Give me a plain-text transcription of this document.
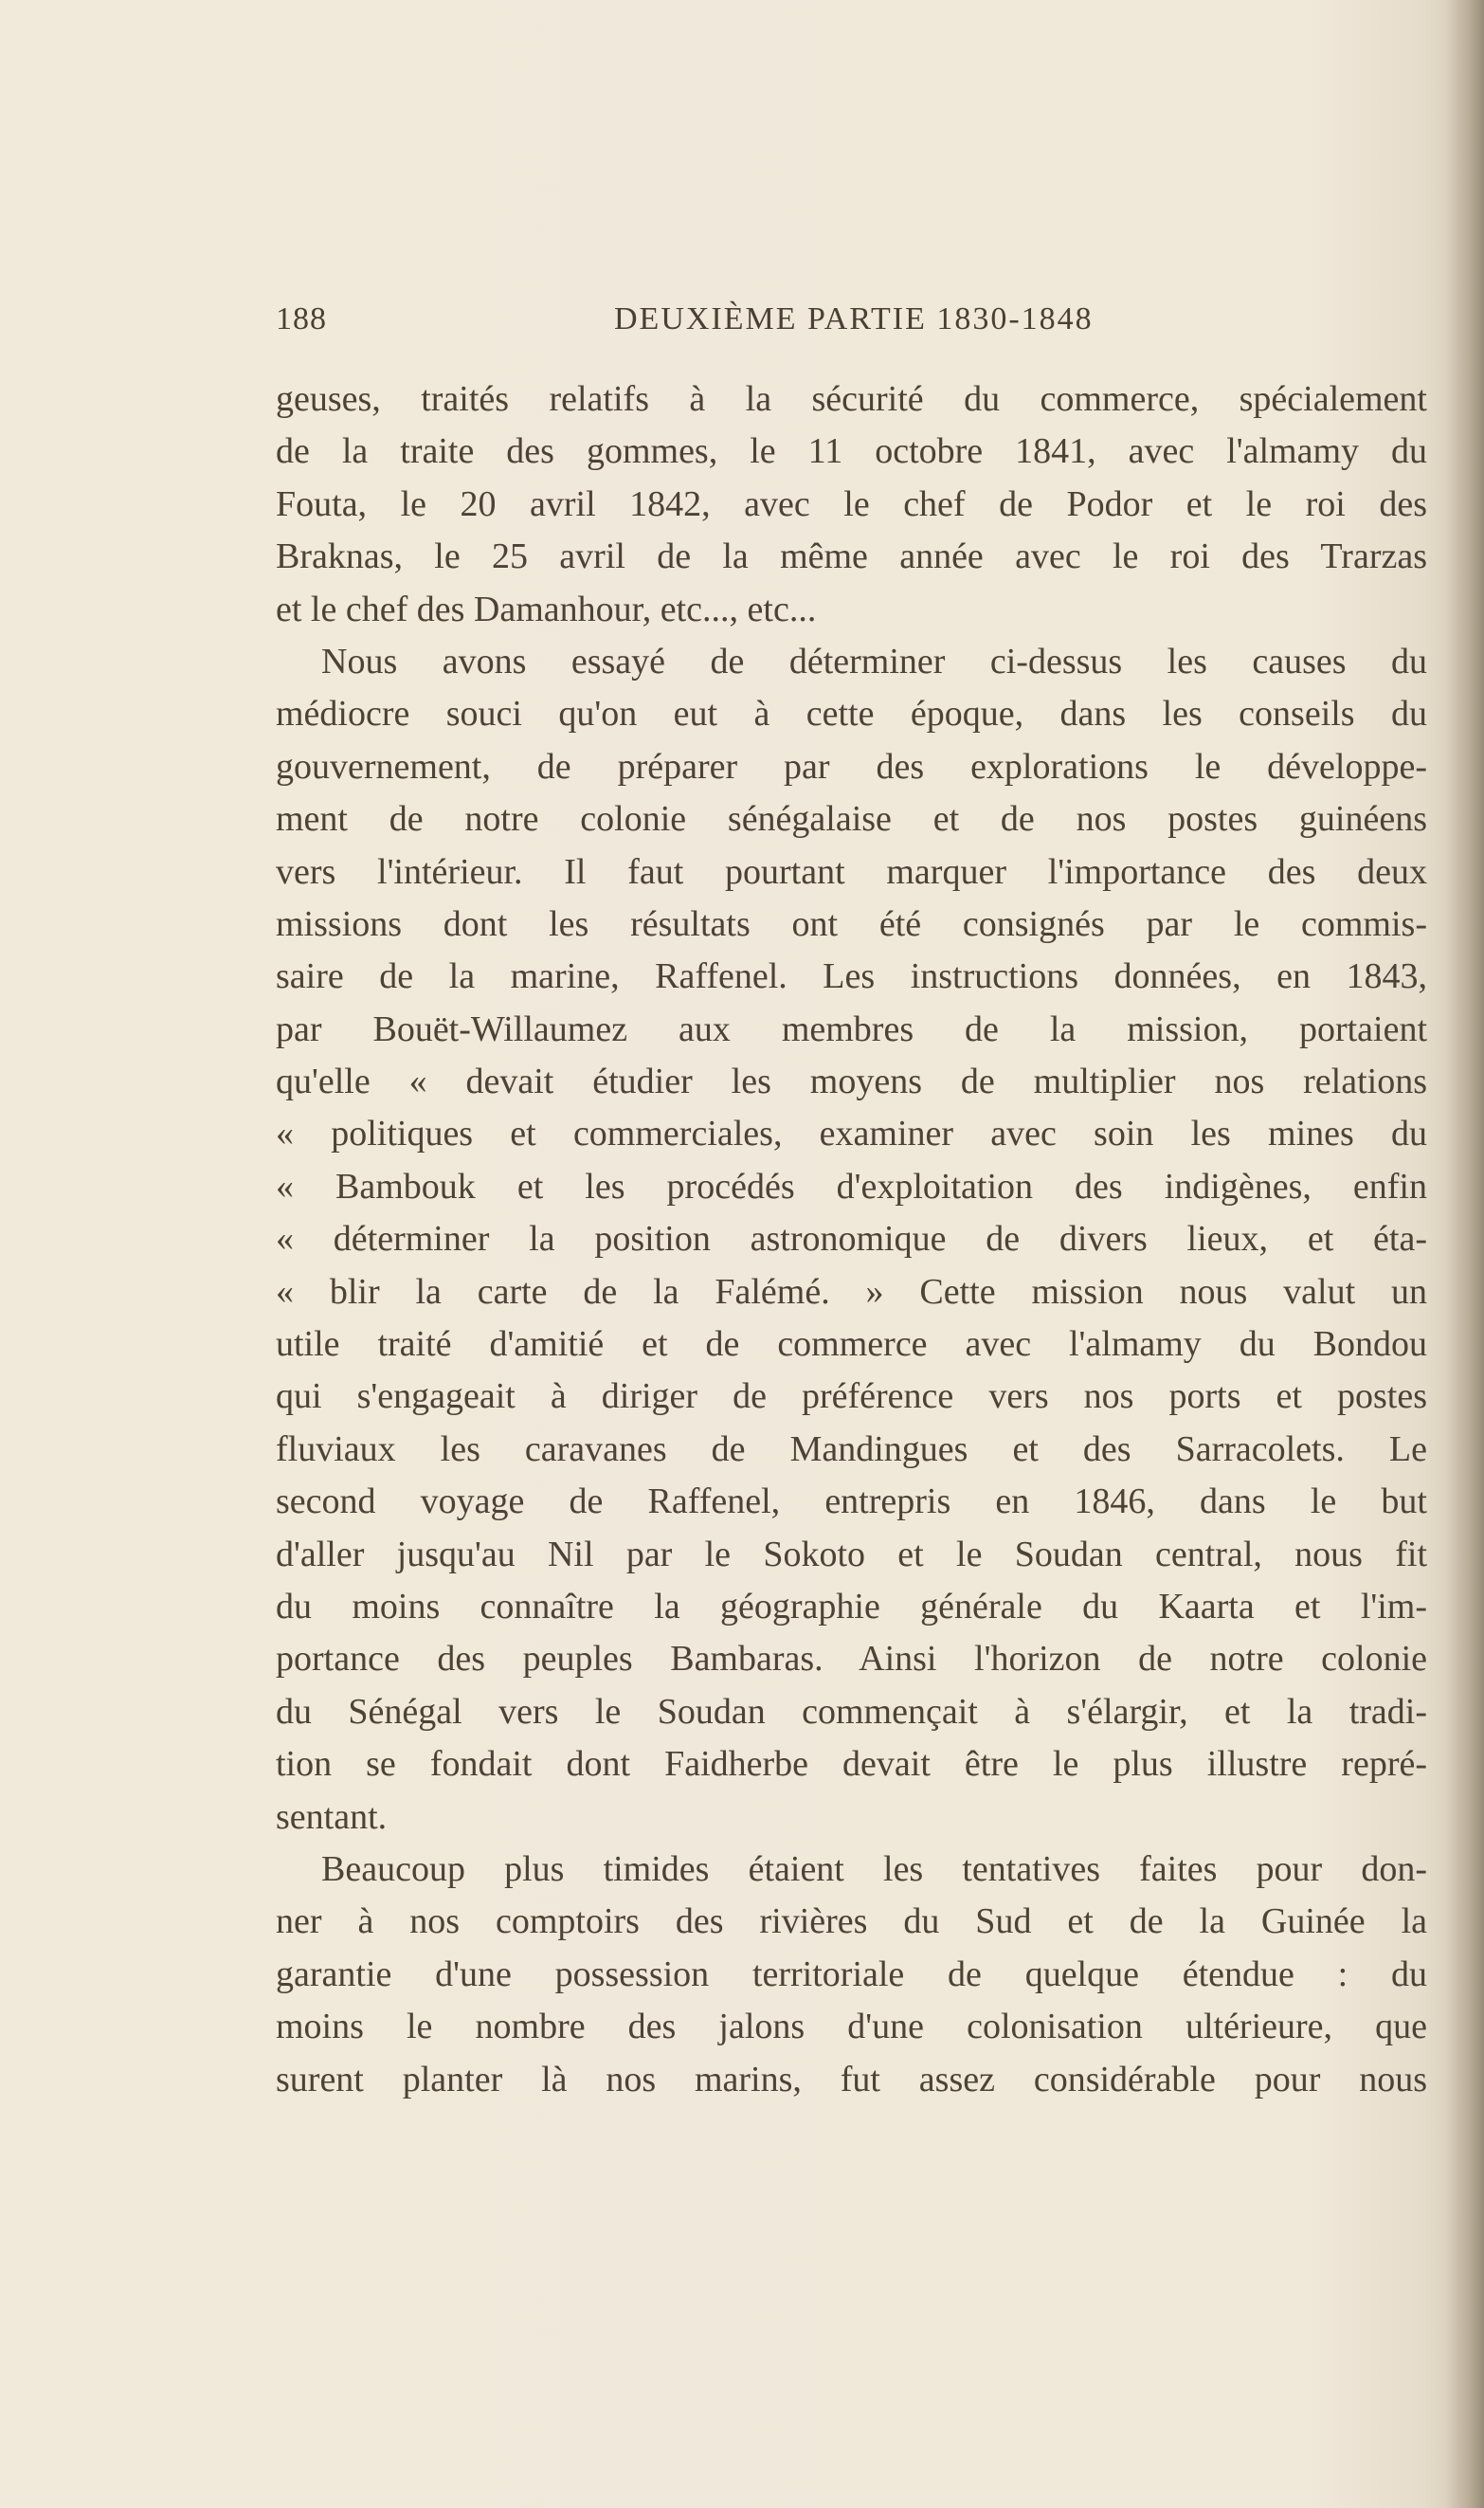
188	DEUXIÈME PARTIE 1830-1848
geuses, traités relatifs à la sécurité du commerce, spécialement
de la traite des gommes, le 11 octobre 1841, avec l'almamy du
Fouta, le 20 avril 1842, avec le chef de Podor et le roi des
Braknas, le 25 avril de la même année avec le roi des Trarzas
et le chef des Damanhour, etc..., etc...
Nous avons essayé de déterminer ci-dessus les causes du
médiocre souci qu'on eut à cette époque, dans les conseils du
gouvernement, de préparer par des explorations le développe-
ment de notre colonie sénégalaise et de nos postes guinéens
vers l'intérieur. Il faut pourtant marquer l'importance des deux
missions dont les résultats ont été consignés par le commis-
saire de la marine, Raffenel. Les instructions données, en 1843,
par Bouët-Willaumez aux membres de la mission, portaient
qu'elle « devait étudier les moyens de multiplier nos relations
« politiques et commerciales, examiner avec soin les mines du
« Bambouk et les procédés d'exploitation des indigènes, enfin
« déterminer la position astronomique de divers lieux, et éta-
« blir la carte de la Falémé. » Cette mission nous valut un
utile traité d'amitié et de commerce avec l'almamy du Bondou
qui s'engageait à diriger de préférence vers nos ports et postes
fluviaux les caravanes de Mandingues et des Sarracolets. Le
second voyage de Raffenel, entrepris en 1846, dans le but
d'aller jusqu'au Nil par le Sokoto et le Soudan central, nous fit
du moins connaître la géographie générale du Kaarta et l'im-
portance des peuples Bambaras. Ainsi l'horizon de notre colonie
du Sénégal vers le Soudan commençait à s'élargir, et la tradi-
tion se fondait dont Faidherbe devait être le plus illustre repré-
sentant.
Beaucoup plus timides étaient les tentatives faites pour don-
ner à nos comptoirs des rivières du Sud et de la Guinée la
garantie d'une possession territoriale de quelque étendue : du
moins le nombre des jalons d'une colonisation ultérieure, que
surent planter là nos marins, fut assez considérable pour nous
